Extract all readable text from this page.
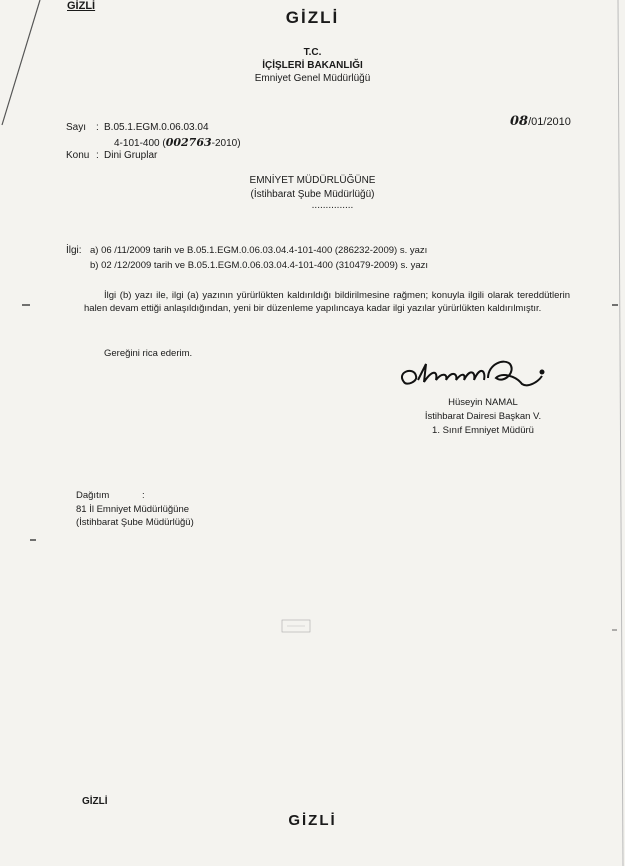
GİZLİ
GİZLİ
T.C.
İÇİŞLERİ BAKANLIĞI
Emniyet Genel Müdürlüğü
Sayı : B.05.1.EGM.0.06.03.04
4-101-400 (002763-2010)
08/01/2010
Konu : Dini Gruplar
EMNİYET MÜDÜRLÜĞÜNE
(İstihbarat Şube Müdürlüğü)
...............
İlgi: a) 06 /11/2009 tarih ve B.05.1.EGM.0.06.03.04.4-101-400 (286232-2009) s. yazı
b) 02 /12/2009 tarih ve B.05.1.EGM.0.06.03.04.4-101-400 (310479-2009) s. yazı
İlgi (b) yazı ile, ilgi (a) yazının yürürlükten kaldırıldığı bildirilmesine rağmen; konuyla ilgili olarak tereddütlerin halen devam ettiği anlaşıldığından, yeni bir düzenleme yapılıncaya kadar ilgi yazılar yürürlükten kaldırılmıştır.
Gereğini rica ederim.
Hüseyin NAMAL
İstihbarat Dairesi Başkan V.
1. Sınıf Emniyet Müdürü
Dağıtım	:
81 İl Emniyet Müdürlüğüne
(İstihbarat Şube Müdürlüğü)
GİZLİ
GİZLİ
